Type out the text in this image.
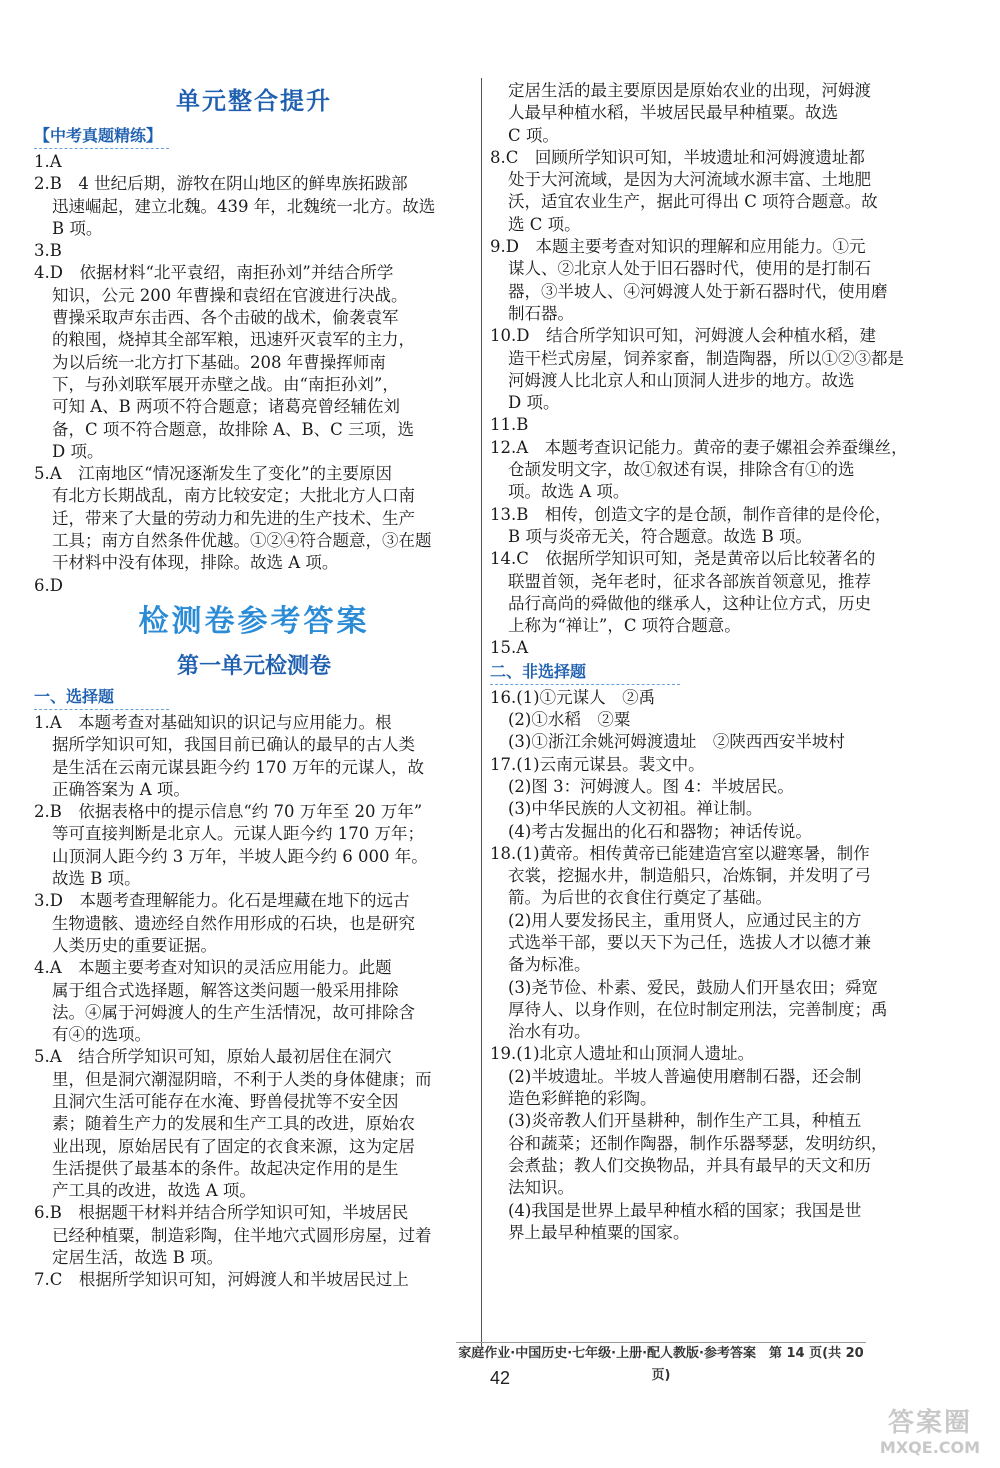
单元整合提升
【中考真题精练】
1.A
2.B　4 世纪后期，游牧在阴山地区的鲜卑族拓跋部
迅速崛起，建立北魏。439 年，北魏统一北方。故选
B 项。
3.B
4.D　依据材料“北平袁绍，南拒孙刘”并结合所学
知识，公元 200 年曹操和袁绍在官渡进行决战。
曹操采取声东击西、各个击破的战术，偷袭袁军
的粮囤，烧掉其全部军粮，迅速歼灭袁军的主力，
为以后统一北方打下基础。208 年曹操挥师南
下，与孙刘联军展开赤壁之战。由“南拒孙刘”，
可知 A、B 两项不符合题意；诸葛亮曾经辅佐刘
备，C 项不符合题意，故排除 A、B、C 三项，选
D 项。
5.A　江南地区“情况逐渐发生了变化”的主要原因
有北方长期战乱，南方比较安定；大批北方人口南
迁，带来了大量的劳动力和先进的生产技术、生产
工具；南方自然条件优越。①②④符合题意，③在题
干材料中没有体现，排除。故选 A 项。
6.D
检测卷参考答案
第一单元检测卷
一、选择题
1.A　本题考查对基础知识的识记与应用能力。根
据所学知识可知，我国目前已确认的最早的古人类
是生活在云南元谋县距今约 170 万年的元谋人，故
正确答案为 A 项。
2.B　依据表格中的提示信息“约 70 万年至 20 万年”
等可直接判断是北京人。元谋人距今约 170 万年；
山顶洞人距今约 3 万年，半坡人距今约 6 000 年。
故选 B 项。
3.D　本题考查理解能力。化石是埋藏在地下的远古
生物遗骸、遗迹经自然作用形成的石块，也是研究
人类历史的重要证据。
4.A　本题主要考查对知识的灵活应用能力。此题
属于组合式选择题，解答这类问题一般采用排除
法。④属于河姆渡人的生产生活情况，故可排除含
有④的选项。
5.A　结合所学知识可知，原始人最初居住在洞穴
里，但是洞穴潮湿阴暗，不利于人类的身体健康；而
且洞穴生活可能存在水淹、野兽侵扰等不安全因
素；随着生产力的发展和生产工具的改进，原始农
业出现，原始居民有了固定的衣食来源，这为定居
生活提供了最基本的条件。故起决定作用的是生
产工具的改进，故选 A 项。
6.B　根据题干材料并结合所学知识可知，半坡居民
已经种植粟，制造彩陶，住半地穴式圆形房屋，过着
定居生活，故选 B 项。
7.C　根据所学知识可知，河姆渡人和半坡居民过上
定居生活的最主要原因是原始农业的出现，河姆渡
人最早种植水稻，半坡居民最早种植粟。故选
C 项。
8.C　回顾所学知识可知，半坡遗址和河姆渡遗址都
处于大河流域，是因为大河流域水源丰富、土地肥
沃，适宜农业生产，据此可得出 C 项符合题意。故
选 C 项。
9.D　本题主要考查对知识的理解和应用能力。①元
谋人、②北京人处于旧石器时代，使用的是打制石
器，③半坡人、④河姆渡人处于新石器时代，使用磨
制石器。
10.D　结合所学知识可知，河姆渡人会种植水稻，建
造干栏式房屋，饲养家畜，制造陶器，所以①②③都是
河姆渡人比北京人和山顶洞人进步的地方。故选
D 项。
11.B
12.A　本题考查识记能力。黄帝的妻子嫘祖会养蚕缫丝，
仓颉发明文字，故①叙述有误，排除含有①的选
项。故选 A 项。
13.B　相传，创造文字的是仓颉，制作音律的是伶伦，
B 项与炎帝无关，符合题意。故选 B 项。
14.C　依据所学知识可知，尧是黄帝以后比较著名的
联盟首领，尧年老时，征求各部族首领意见，推荐
品行高尚的舜做他的继承人，这种让位方式，历史
上称为“禅让”，C 项符合题意。
15.A
二、非选择题
16.(1)①元谋人　②禹
(2)①水稻　②粟
(3)①浙江余姚河姆渡遗址　②陕西西安半坡村
17.(1)云南元谋县。裴文中。
(2)图 3：河姆渡人。图 4：半坡居民。
(3)中华民族的人文初祖。禅让制。
(4)考古发掘出的化石和器物；神话传说。
18.(1)黄帝。相传黄帝已能建造宫室以避寒暑，制作
衣裳，挖掘水井，制造船只，冶炼铜，并发明了弓
箭。为后世的衣食住行奠定了基础。
(2)用人要发扬民主，重用贤人，应通过民主的方
式选举干部，要以天下为己任，选拔人才以德才兼
备为标准。
(3)尧节俭、朴素、爱民，鼓励人们开垦农田；舜宽
厚待人、以身作则，在位时制定刑法，完善制度；禹
治水有功。
19.(1)北京人遗址和山顶洞人遗址。
(2)半坡遗址。半坡人普遍使用磨制石器，还会制
造色彩鲜艳的彩陶。
(3)炎帝教人们开垦耕种，制作生产工具，种植五
谷和蔬菜；还制作陶器，制作乐器琴瑟，发明纺织，
会煮盐；教人们交换物品，并具有最早的天文和历
法知识。
(4)我国是世界上最早种植水稻的国家；我国是世
界上最早种植粟的国家。
家庭作业·中国历史·七年级·上册·配人教版·参考答案　第 14 页(共 20 页)
42
答案圈
MXQE.COM
